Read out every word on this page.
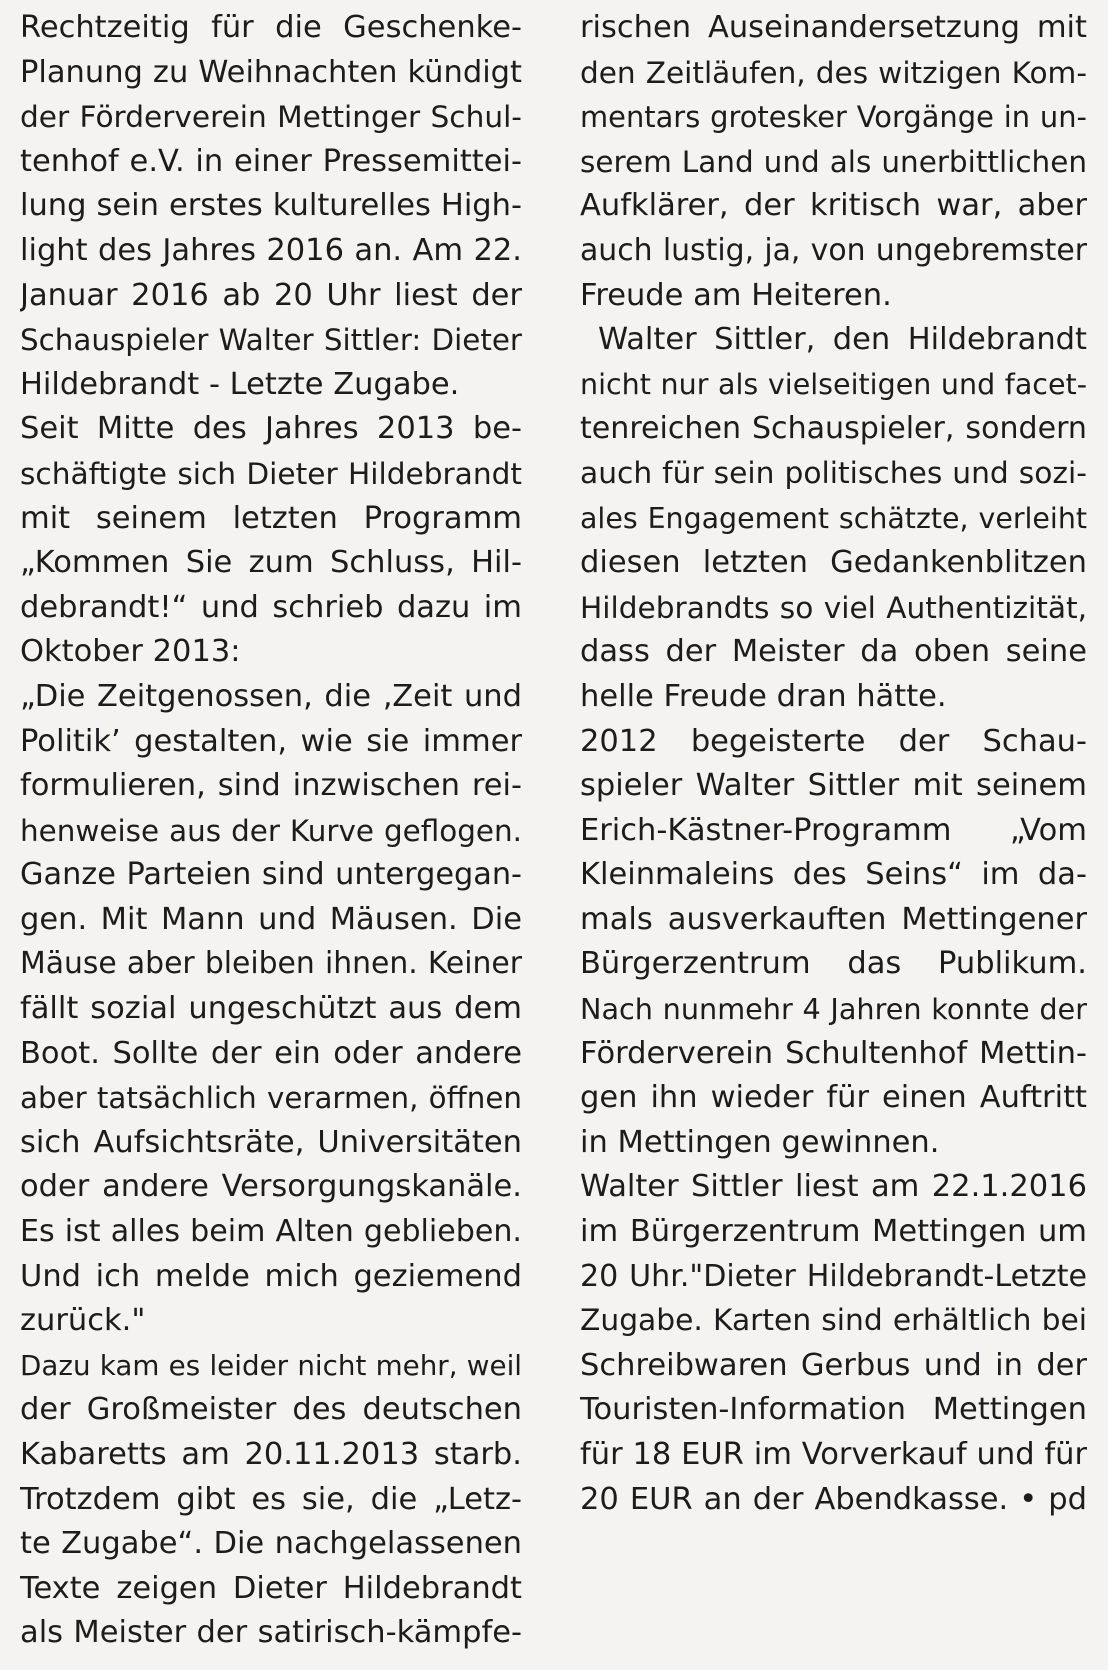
Rechtzeitig für die Geschenke-
Planung zu Weihnachten kündigt
der Förderverein Mettinger Schul-
tenhof e.V. in einer Pressemittei-
lung sein erstes kulturelles High-
light des Jahres 2016 an. Am 22.
Januar 2016 ab 20 Uhr liest der
Schauspieler Walter Sittler: Dieter
Hildebrandt - Letzte Zugabe.
Seit Mitte des Jahres 2013 be-
schäftigte sich Dieter Hildebrandt
mit seinem letzten Programm
„Kommen Sie zum Schluss, Hil-
debrandt!“ und schrieb dazu im
Oktober 2013:
„Die Zeitgenossen, die ‚Zeit und
Politik’ gestalten, wie sie immer
formulieren, sind inzwischen rei-
henweise aus der Kurve geflogen.
Ganze Parteien sind untergegan-
gen. Mit Mann und Mäusen. Die
Mäuse aber bleiben ihnen. Keiner
fällt sozial ungeschützt aus dem
Boot. Sollte der ein oder andere
aber tatsächlich verarmen, öffnen
sich Aufsichtsräte, Universitäten
oder andere Versorgungskanäle.
Es ist alles beim Alten geblieben.
Und ich melde mich geziemend
zurück."
Dazu kam es leider nicht mehr, weil
der Großmeister des deutschen
Kabaretts am 20.11.2013 starb.
Trotzdem gibt es sie, die „Letz-
te Zugabe“. Die nachgelassenen
Texte zeigen Dieter Hildebrandt
als Meister der satirisch-kämpfe-
rischen Auseinandersetzung mit
den Zeitläufen, des witzigen Kom-
mentars grotesker Vorgänge in un-
serem Land und als unerbittlichen
Aufklärer, der kritisch war, aber
auch lustig, ja, von ungebremster
Freude am Heiteren.
Walter Sittler, den Hildebrandt
nicht nur als vielseitigen und facet-
tenreichen Schauspieler, sondern
auch für sein politisches und sozi-
ales Engagement schätzte, verleiht
diesen letzten Gedankenblitzen
Hildebrandts so viel Authentizität,
dass der Meister da oben seine
helle Freude dran hätte.
2012 begeisterte der Schau-
spieler Walter Sittler mit seinem
Erich-Kästner-Programm „Vom
Kleinmaleins des Seins“ im da-
mals ausverkauften Mettingener
Bürgerzentrum das Publikum.
Nach nunmehr 4 Jahren konnte der
Förderverein Schultenhof Mettin-
gen ihn wieder für einen Auftritt
in Mettingen gewinnen.
Walter Sittler liest am 22.1.2016
im Bürgerzentrum Mettingen um
20 Uhr."Dieter Hildebrandt-Letzte
Zugabe. Karten sind erhältlich bei
Schreibwaren Gerbus und in der
Touristen-Information Mettingen
für 18 EUR im Vorverkauf und für
20 EUR an der Abendkasse. • pd
